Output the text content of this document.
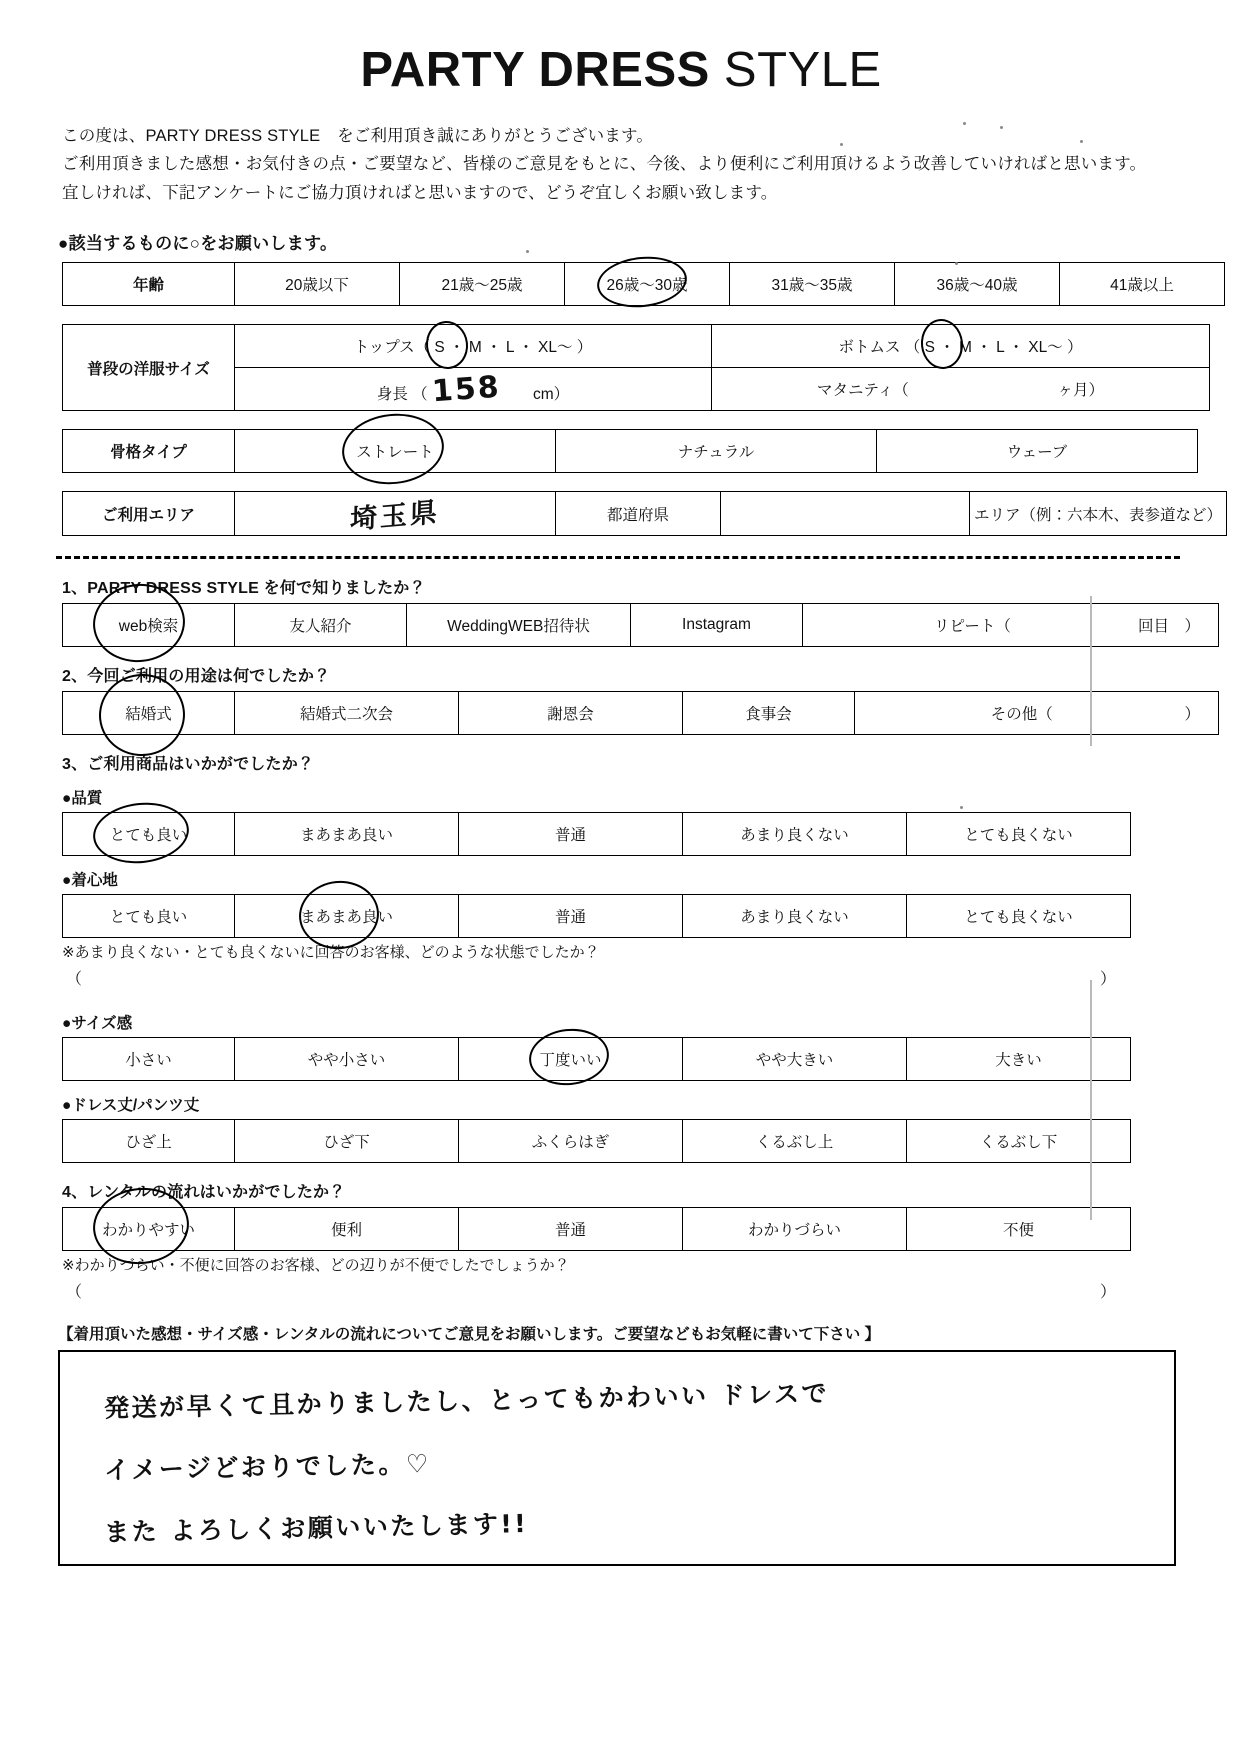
PARTY DRESS STYLE
この度は、PARTY DRESS STYLE　をご利用頂き誠にありがとうございます。
ご利用頂きました感想・お気付きの点・ご要望など、皆様のご意見をもとに、今後、より便利にご利用頂けるよう改善していければと思います。
宜しければ、下記アンケートにご協力頂ければと思いますので、どうぞ宜しくお願い致します。
●該当するものに○をお願いします。
年齢	20歳以下	21歳〜25歳	26歳〜30歳	31歳〜35歳	36歳〜40歳	41歳以上
普段の洋服サイズ	トップス（ S ・ M ・ L ・ XL〜 ）	ボトムス （ S ・ M ・ L ・ XL〜 ）

	身長 （ 158 cm）	マタニティ（ ヶ月）
骨格タイプ	ストレート	ナチュラル	ウェーブ
ご利用エリア	埼玉県	都道府県		エリア（例：六本木、表参道など）
1、PARTY DRESS STYLE を何で知りましたか？
web検索	友人紹介	WeddingWEB招待状	Instagram	リピート（	回目　）
2、今回ご利用の用途は何でしたか？
結婚式	結婚式二次会	謝恩会	食事会	その他（	）
3、ご利用商品はいかがでしたか？
●品質
とても良い	まあまあ良い	普通	あまり良くない	とても良くない
●着心地
とても良い	まあまあ良い	普通	あまり良くない	とても良くない
※あまり良くない・とても良くないに回答のお客様、どのような状態でしたか？
（	）
●サイズ感
小さい	やや小さい	丁度いい	やや大きい	大きい
●ドレス丈/パンツ丈
ひざ上	ひざ下	ふくらはぎ	くるぶし上	くるぶし下
4、レンタルの流れはいかがでしたか？
わかりやすい	便利	普通	わかりづらい	不便
※わかりづらい・不便に回答のお客様、どの辺りが不便でしたでしょうか？
（	）
【着用頂いた感想・サイズ感・レンタルの流れについてご意見をお願いします。ご要望などもお気軽に書いて下さい 】
発送が早くて且かりましたし、とってもかわいい ドレスで
イメージどおりでした。♡
また よろしくお願いいたします!!
